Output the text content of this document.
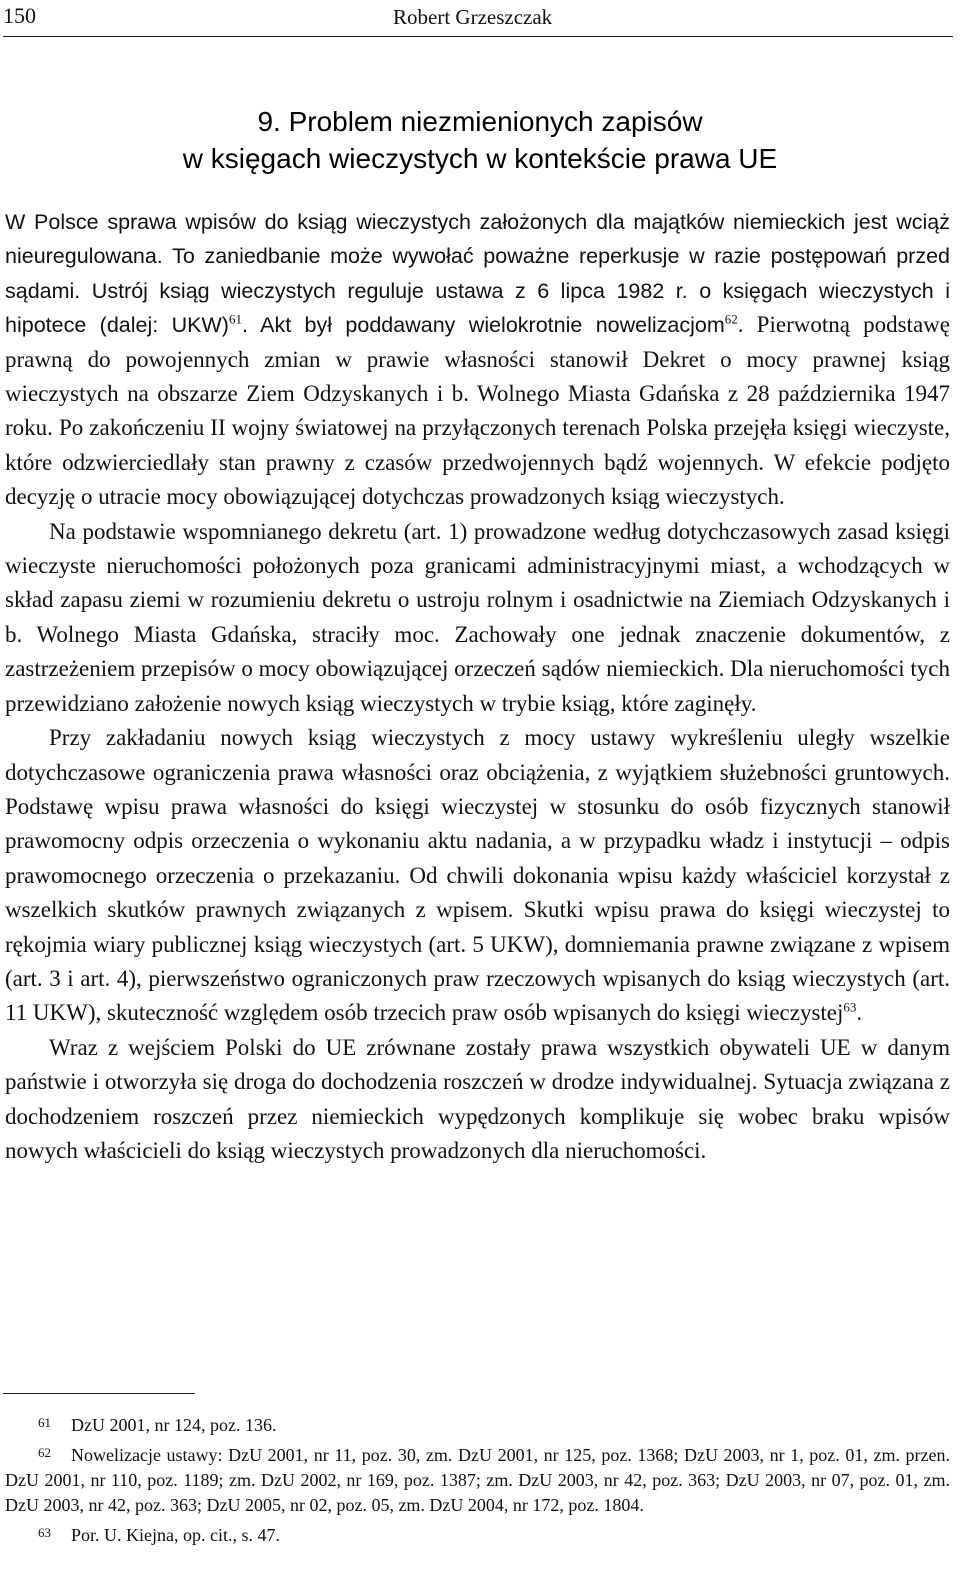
150	Robert Grzeszczak
9. Problem niezmienionych zapisów
w księgach wieczystych w kontekście prawa UE

W Polsce sprawa wpisów do ksiąg wieczystych założonych dla majątków niemieckich jest wciąż nieuregulowana. To zaniedbanie może wywołać poważne reperkusje w razie postępowań przed sądami. Ustrój ksiąg wieczystych reguluje ustawa z 6 lipca 1982 r. o księgach wieczystych i hipotece (dalej: UKW)$^{61}$. Akt był poddawany wielokrotnie nowelizacjom$^{62}$. Pierwotną podstawę prawną do powojennych zmian w prawie własności stanowił Dekret o mocy prawnej ksiąg wieczystych na obszarze Ziem Odzyskanych i b. Wolnego Miasta Gdańska z 28 października 1947 roku. Po zakończeniu II wojny światowej na przyłączonych terenach Polska przejęła księgi wieczyste, które odzwierciedlały stan prawny z czasów przedwojennych bądź wojennych. W efekcie podjęto decyzję o utracie mocy obowiązującej dotychczas prowadzonych ksiąg wieczystych.

Na podstawie wspomnianego dekretu (art. 1) prowadzone według dotychczasowych zasad księgi wieczyste nieruchomości położonych poza granicami administracyjnymi miast, a wchodzących w skład zapasu ziemi w rozumieniu dekretu o ustroju rolnym i osadnictwie na Ziemiach Odzyskanych i b. Wolnego Miasta Gdańska, straciły moc. Zachowały one jednak znaczenie dokumentów, z zastrzeżeniem przepisów o mocy obowiązującej orzeczeń sądów niemieckich. Dla nieruchomości tych przewidziano założenie nowych ksiąg wieczystych w trybie ksiąg, które zaginęły.

Przy zakładaniu nowych ksiąg wieczystych z mocy ustawy wykreśleniu uległy wszelkie dotychczasowe ograniczenia prawa własności oraz obciążenia, z wyjątkiem służebności gruntowych. Podstawę wpisu prawa własności do księgi wieczystej w stosunku do osób fizycznych stanowił prawomocny odpis orzeczenia o wykonaniu aktu nadania, a w przypadku władz i instytucji – odpis prawomocnego orzeczenia o przekazaniu. Od chwili dokonania wpisu każdy właściciel korzystał z wszelkich skutków prawnych związanych z wpisem. Skutki wpisu prawa do księgi wieczystej to rękojmia wiary publicznej ksiąg wieczystych (art. 5 UKW), domniemania prawne związane z wpisem (art. 3 i art. 4), pierwszeństwo ograniczonych praw rzeczowych wpisanych do ksiąg wieczystych (art. 11 UKW), skuteczność względem osób trzecich praw osób wpisanych do księgi wieczystej$^{63}$.

Wraz z wejściem Polski do UE zrównane zostały prawa wszystkich obywateli UE w danym państwie i otworzyła się droga do dochodzenia roszczeń w drodze indywidualnej. Sytuacja związana z dochodzeniem roszczeń przez niemieckich wypędzonych komplikuje się wobec braku wpisów nowych właścicieli do ksiąg wieczystych prowadzonych dla nieruchomości.

61 DzU 2001, nr 124, poz. 136.

62 Nowelizacje ustawy: DzU 2001, nr 11, poz. 30, zm. DzU 2001, nr 125, poz. 1368; DzU 2003, nr 1, poz. 01, zm. przen. DzU 2001, nr 110, poz. 1189; zm. DzU 2002, nr 169, poz. 1387; zm. DzU 2003, nr 42, poz. 363; DzU 2003, nr 07, poz. 01, zm. DzU 2003, nr 42, poz. 363; DzU 2005, nr 02, poz. 05, zm. DzU 2004, nr 172, poz. 1804.

63 Por. U. Kiejna, op. cit., s. 47.
